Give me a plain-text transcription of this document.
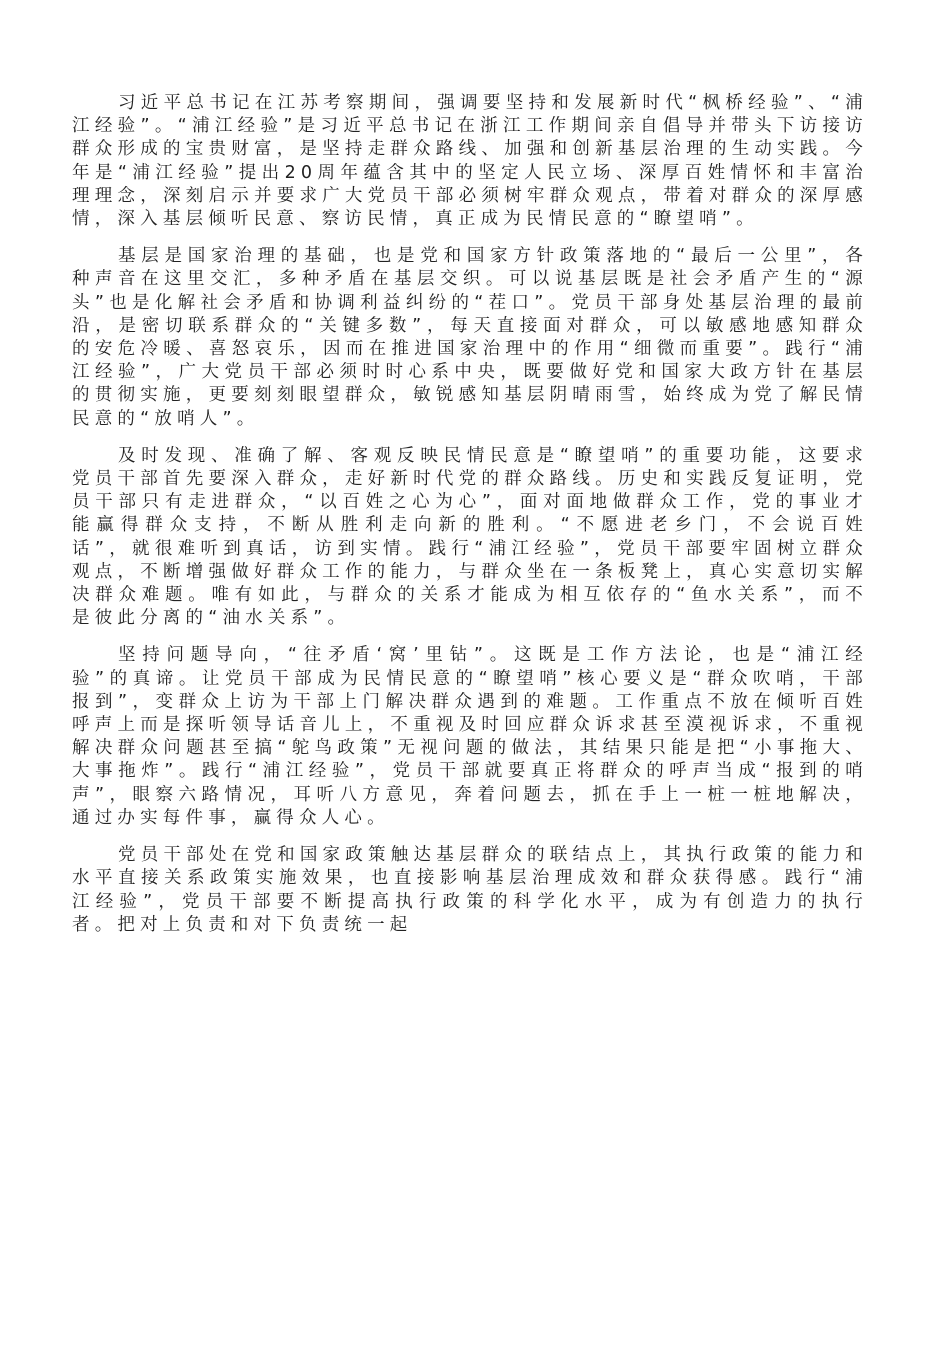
习近平总书记在江苏考察期间，强调要坚持和发展新时代“枫桥经验”、“浦江经验”。“浦江经验”是习近平总书记在浙江工作期间亲自倡导并带头下访接访群众形成的宝贵财富，是坚持走群众路线、加强和创新基层治理的生动实践。今年是“浦江经验”提出20周年蕴含其中的坚定人民立场、深厚百姓情怀和丰富治理理念，深刻启示并要求广大党员干部必须树牢群众观点，带着对群众的深厚感情，深入基层倾听民意、察访民情，真正成为民情民意的“瞭望哨”。

基层是国家治理的基础，也是党和国家方针政策落地的“最后一公里”，各种声音在这里交汇，多种矛盾在基层交织。可以说基层既是社会矛盾产生的“源头”也是化解社会矛盾和协调利益纠纷的“茬口”。党员干部身处基层治理的最前沿，是密切联系群众的“关键多数”，每天直接面对群众，可以敏感地感知群众的安危冷暖、喜怒哀乐，因而在推进国家治理中的作用“细微而重要”。践行“浦江经验”，广大党员干部必须时时心系中央，既要做好党和国家大政方针在基层的贯彻实施，更要刻刻眼望群众，敏锐感知基层阴晴雨雪，始终成为党了解民情民意的“放哨人”。

及时发现、准确了解、客观反映民情民意是“瞭望哨”的重要功能，这要求党员干部首先要深入群众，走好新时代党的群众路线。历史和实践反复证明，党员干部只有走进群众，“以百姓之心为心”，面对面地做群众工作，党的事业才能赢得群众支持，不断从胜利走向新的胜利。“不愿进老乡门，不会说百姓话”，就很难听到真话，访到实情。践行“浦江经验”，党员干部要牢固树立群众观点，不断增强做好群众工作的能力，与群众坐在一条板凳上，真心实意切实解决群众难题。唯有如此，与群众的关系才能成为相互依存的“鱼水关系”，而不是彼此分离的“油水关系”。

坚持问题导向，“往矛盾‘窝’里钻”。这既是工作方法论，也是“浦江经验”的真谛。让党员干部成为民情民意的“瞭望哨”核心要义是“群众吹哨，干部报到”，变群众上访为干部上门解决群众遇到的难题。工作重点不放在倾听百姓呼声上而是探听领导话音儿上，不重视及时回应群众诉求甚至漠视诉求，不重视解决群众问题甚至搞“鸵鸟政策”无视问题的做法，其结果只能是把“小事拖大、大事拖炸”。践行“浦江经验”，党员干部就要真正将群众的呼声当成“报到的哨声”，眼察六路情况，耳听八方意见，奔着问题去，抓在手上一桩一桩地解决，通过办实每件事，赢得众人心。

党员干部处在党和国家政策触达基层群众的联结点上，其执行政策的能力和水平直接关系政策实施效果，也直接影响基层治理成效和群众获得感。践行“浦江经验”，党员干部要不断提高执行政策的科学化水平，成为有创造力的执行者。把对上负责和对下负责统一起
